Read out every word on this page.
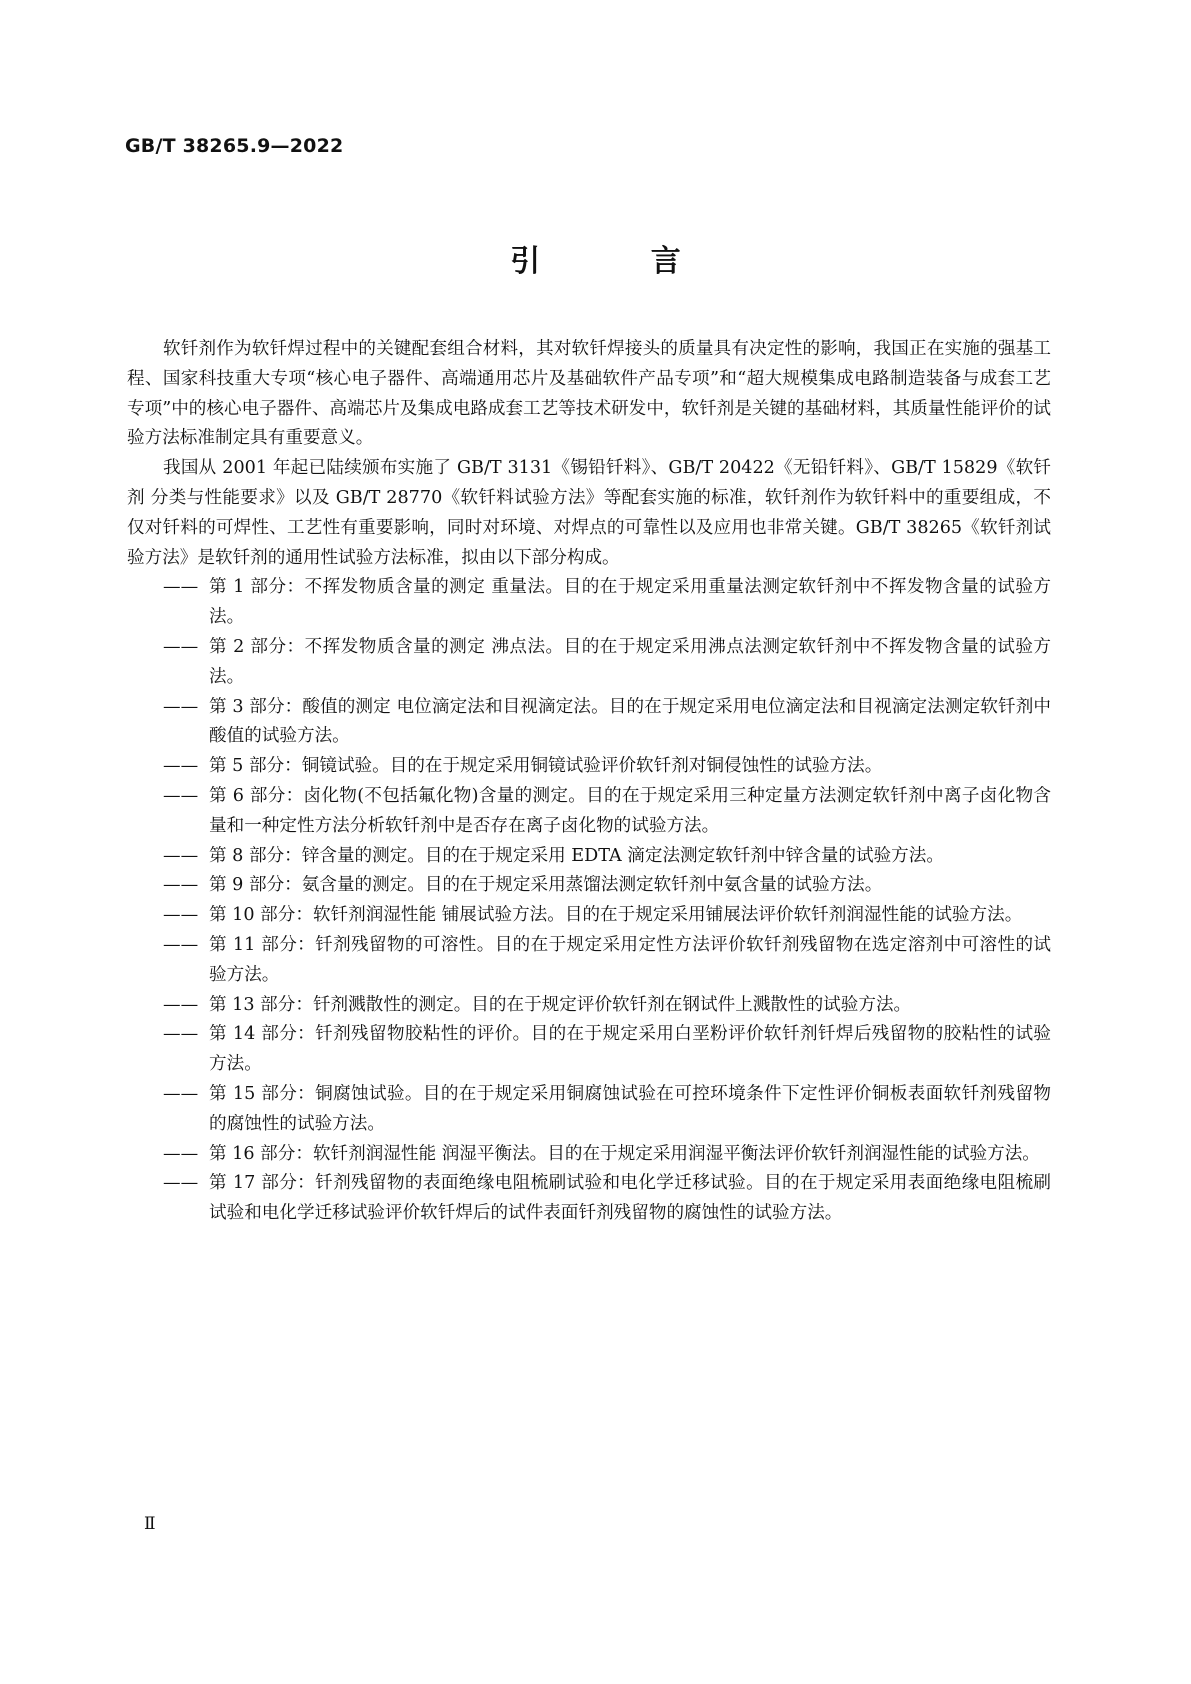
GB/T 38265.9—2022
引 言

软钎剂作为软钎焊过程中的关键配套组合材料，其对软钎焊接头的质量具有决定性的影响，我国正在实施的强基工程、国家科技重大专项“核心电子器件、高端通用芯片及基础软件产品专项”和“超大规模集成电路制造装备与成套工艺专项”中的核心电子器件、高端芯片及集成电路成套工艺等技术研发中，软钎剂是关键的基础材料，其质量性能评价的试验方法标准制定具有重要意义。

我国从 2001 年起已陆续颁布实施了 GB/T 3131《锡铅钎料》、GB/T 20422《无铅钎料》、GB/T 15829《软钎剂 分类与性能要求》以及 GB/T 28770《软钎料试验方法》等配套实施的标准，软钎剂作为软钎料中的重要组成，不仅对钎料的可焊性、工艺性有重要影响，同时对环境、对焊点的可靠性以及应用也非常关键。GB/T 38265《软钎剂试验方法》是软钎剂的通用性试验方法标准，拟由以下部分构成。

—— 第 1 部分：不挥发物质含量的测定 重量法。目的在于规定采用重量法测定软钎剂中不挥发物含量的试验方法。
—— 第 2 部分：不挥发物质含量的测定 沸点法。目的在于规定采用沸点法测定软钎剂中不挥发物含量的试验方法。
—— 第 3 部分：酸值的测定 电位滴定法和目视滴定法。目的在于规定采用电位滴定法和目视滴定法测定软钎剂中酸值的试验方法。
—— 第 5 部分：铜镜试验。目的在于规定采用铜镜试验评价软钎剂对铜侵蚀性的试验方法。
—— 第 6 部分：卤化物(不包括氟化物)含量的测定。目的在于规定采用三种定量方法测定软钎剂中离子卤化物含量和一种定性方法分析软钎剂中是否存在离子卤化物的试验方法。
—— 第 8 部分：锌含量的测定。目的在于规定采用 EDTA 滴定法测定软钎剂中锌含量的试验方法。
—— 第 9 部分：氨含量的测定。目的在于规定采用蒸馏法测定软钎剂中氨含量的试验方法。
—— 第 10 部分：软钎剂润湿性能 铺展试验方法。目的在于规定采用铺展法评价软钎剂润湿性能的试验方法。
—— 第 11 部分：钎剂残留物的可溶性。目的在于规定采用定性方法评价软钎剂残留物在选定溶剂中可溶性的试验方法。
—— 第 13 部分：钎剂溅散性的测定。目的在于规定评价软钎剂在钢试件上溅散性的试验方法。
—— 第 14 部分：钎剂残留物胶粘性的评价。目的在于规定采用白垩粉评价软钎剂钎焊后残留物的胶粘性的试验方法。
—— 第 15 部分：铜腐蚀试验。目的在于规定采用铜腐蚀试验在可控环境条件下定性评价铜板表面软钎剂残留物的腐蚀性的试验方法。
—— 第 16 部分：软钎剂润湿性能 润湿平衡法。目的在于规定采用润湿平衡法评价软钎剂润湿性能的试验方法。
—— 第 17 部分：钎剂残留物的表面绝缘电阻梳刷试验和电化学迁移试验。目的在于规定采用表面绝缘电阻梳刷试验和电化学迁移试验评价软钎焊后的试件表面钎剂残留物的腐蚀性的试验方法。
Ⅱ
